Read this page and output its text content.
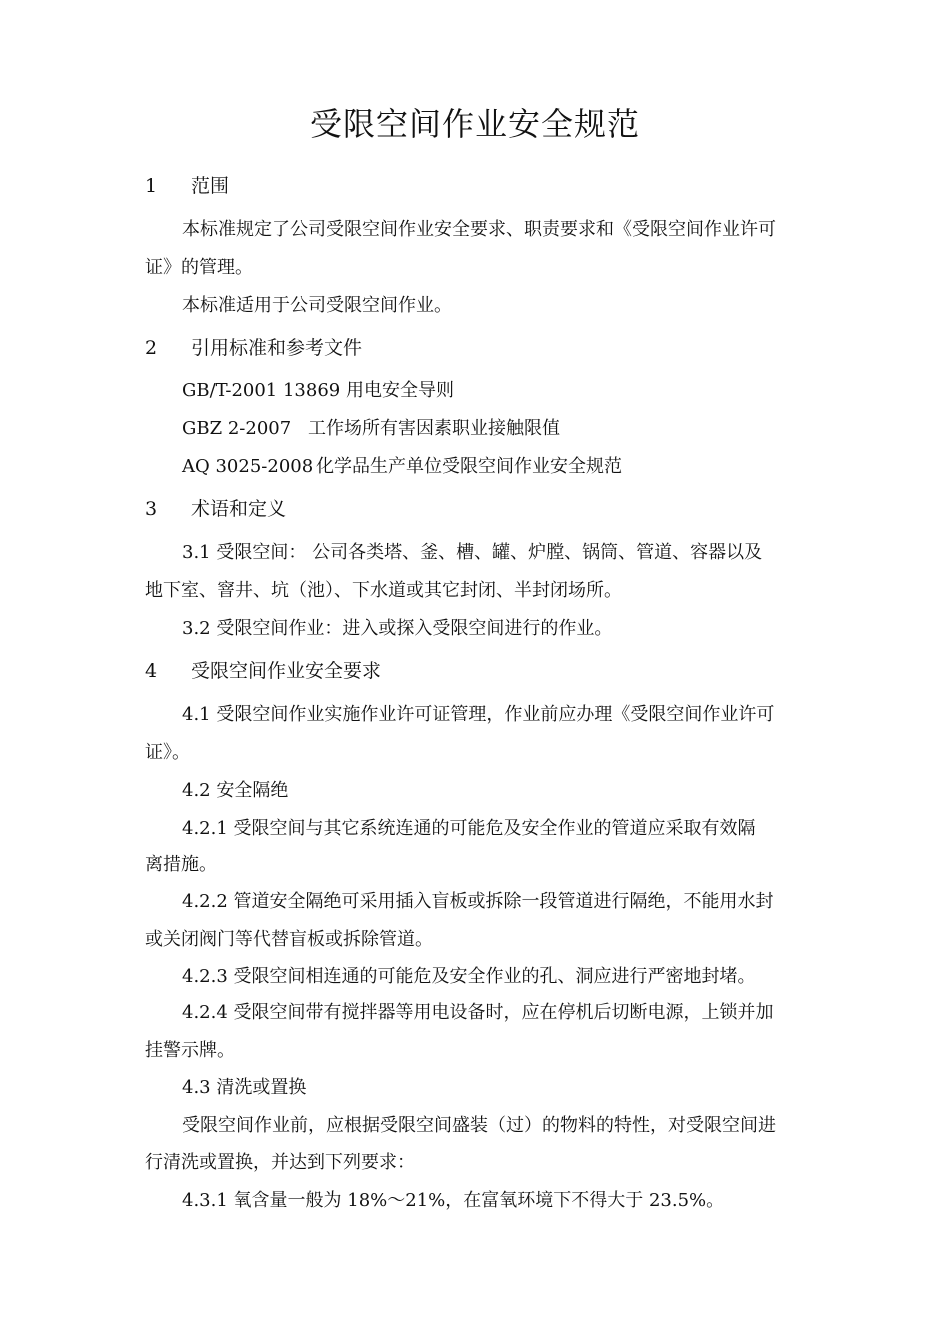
受限空间作业安全规范
1 范围
本标准规定了公司受限空间作业安全要求、职责要求和《受限空间作业许可
证》的管理。
本标准适用于公司受限空间作业。
2 引用标准和参考文件
GB/T-2001 13869 用电安全导则
GBZ 2-2007 工作场所有害因素职业接触限值
AQ 3025-2008 化学品生产单位受限空间作业安全规范
3 术语和定义
3.1 受限空间： 公司各类塔、釜、槽、罐、炉膛、锅筒、管道、容器以及
地下室、窨井、坑（池）、下水道或其它封闭、半封闭场所。
3.2 受限空间作业：进入或探入受限空间进行的作业。
4 受限空间作业安全要求
4.1 受限空间作业实施作业许可证管理，作业前应办理《受限空间作业许可
证》。
4.2 安全隔绝
4.2.1 受限空间与其它系统连通的可能危及安全作业的管道应采取有效隔
离措施。
4.2.2 管道安全隔绝可采用插入盲板或拆除一段管道进行隔绝，不能用水封
或关闭阀门等代替盲板或拆除管道。
4.2.3 受限空间相连通的可能危及安全作业的孔、洞应进行严密地封堵。
4.2.4 受限空间带有搅拌器等用电设备时，应在停机后切断电源，上锁并加
挂警示牌。
4.3 清洗或置换
受限空间作业前，应根据受限空间盛装（过）的物料的特性，对受限空间进
行清洗或置换，并达到下列要求：
4.3.1 氧含量一般为 18%～21%，在富氧环境下不得大于 23.5%。
